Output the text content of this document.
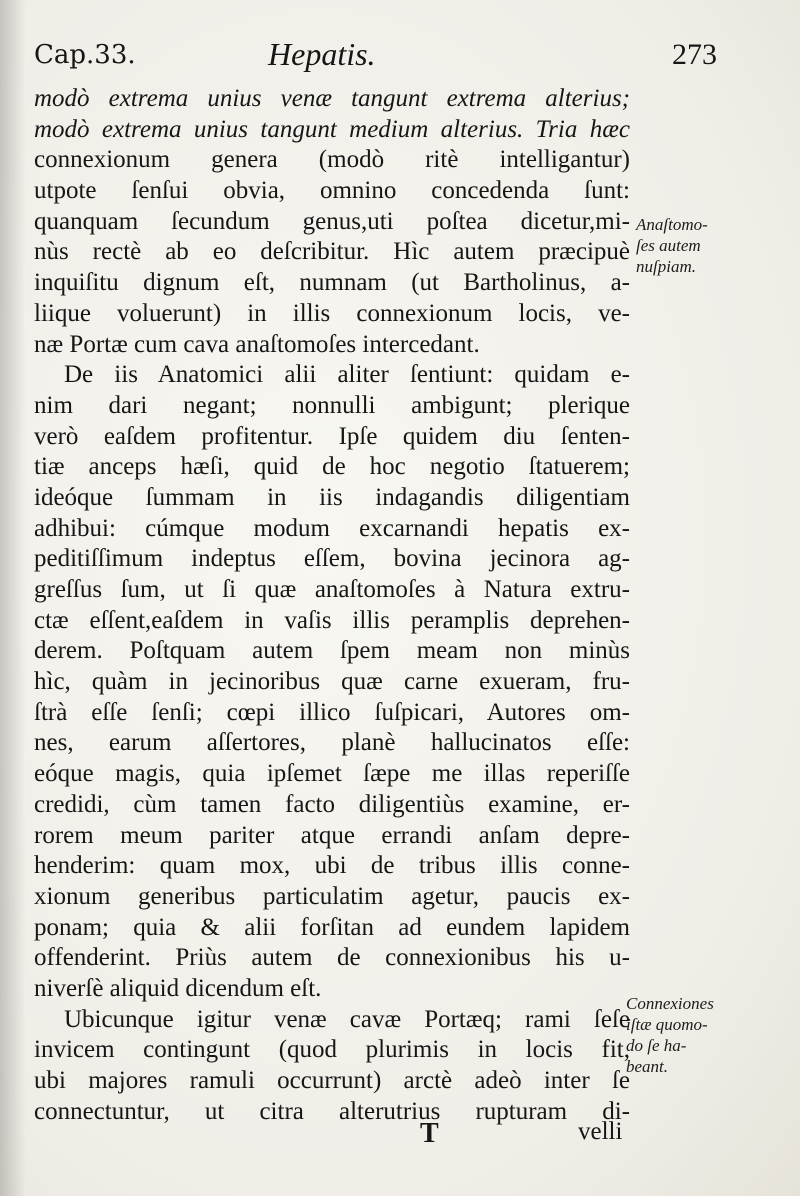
Cap.33.	Hepatis.	273
modò extrema unius venæ tangunt extrema alterius;
modò extrema unius tangunt medium alterius. Tria hæc
connexionum genera (modò ritè intelligantur)
utpote ſenſui obvia, omnino concedenda ſunt:
quanquam ſecundum genus,uti poſtea dicetur,mi-
nùs rectè ab eo deſcribitur. Hìc autem præcipuè
inquiſitu dignum eſt, numnam (ut Bartholinus, a-
liique voluerunt) in illis connexionum locis, ve-
næ Portæ cum cava anaſtomoſes intercedant.
De iis Anatomici alii aliter ſentiunt: quidam e-
nim dari negant; nonnulli ambigunt; plerique
verò eaſdem profitentur. Ipſe quidem diu ſenten-
tiæ anceps hæſi, quid de hoc negotio ſtatuerem;
ideóque ſummam in iis indagandis diligentiam
adhibui: cúmque modum excarnandi hepatis ex-
peditiſſimum indeptus eſſem, bovina jecinora ag-
greſſus ſum, ut ſi quæ anaſtomoſes à Natura extru-
ctæ eſſent,eaſdem in vaſis illis peramplis deprehen-
derem. Poſtquam autem ſpem meam non minùs
hìc, quàm in jecinoribus quæ carne exueram, fru-
ſtrà eſſe ſenſi; cœpi illico ſuſpicari, Autores om-
nes, earum aſſertores, planè hallucinatos eſſe:
eóque magis, quia ipſemet ſæpe me illas reperiſſe
credidi, cùm tamen facto diligentiùs examine, er-
rorem meum pariter atque errandi anſam depre-
henderim: quam mox, ubi de tribus illis conne-
xionum generibus particulatim agetur, paucis ex-
ponam; quia & alii forſitan ad eundem lapidem
offenderint. Priùs autem de connexionibus his u-
niverſè aliquid dicendum eſt.
Ubicunque igitur venæ cavæ Portæq; rami ſeſe
invicem contingunt (quod plurimis in locis fit,
ubi majores ramuli occurrunt) arctè adeò inter ſe
connectuntur, ut citra alterutrius rupturam di-
Anaſtomo-
ſes autem
nuſpiam.
Connexiones
iſtæ quomo-
do ſe ha-
beant.
T	velli
